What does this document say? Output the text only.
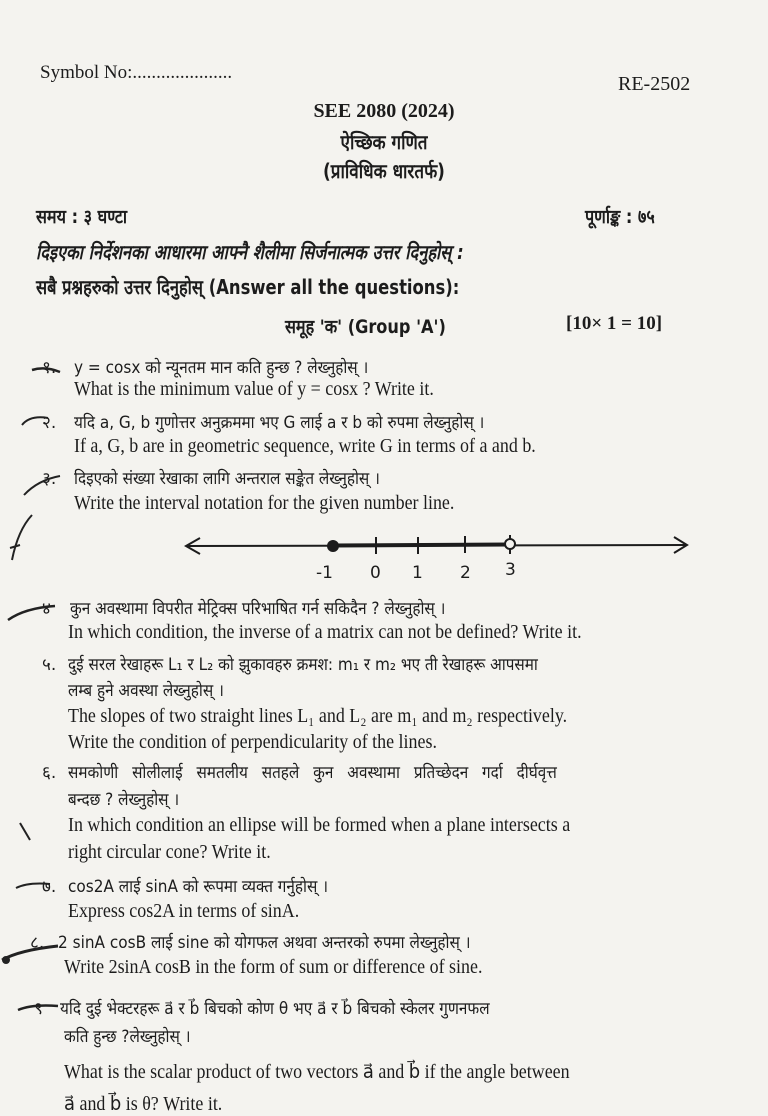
Symbol No:.....................
RE-2502
SEE 2080 (2024)
ऐच्छिक गणित
(प्राविधिक धारतर्फ)
समय : ३ घण्टा	पूर्णाङ्क : ७५
दिइएका निर्देशनका आधारमा आफ्नै शैलीमा सिर्जनात्मक उत्तर दिनुहोस् :
सबै प्रश्नहरुको उत्तर दिनुहोस् (Answer all the questions):
समूह 'क' (Group 'A')	[10× 1 = 10]
१. y = cosx को न्यूनतम मान कति हुन्छ ? लेख्नुहोस् ।
What is the minimum value of y = cosx ? Write it.
२. यदि a, G, b गुणोत्तर अनुक्रममा भए G लाई a र b को रुपमा लेख्नुहोस् ।
If a, G, b are in geometric sequence, write G in terms of a and b.
३. दिइएको संख्या रेखाका लागि अन्तराल सङ्केत लेख्नुहोस् ।
Write the interval notation for the given number line.
-1 0 1 2 3
४ कुन अवस्थामा विपरीत मेट्रिक्स परिभाषित गर्न सकिदैन ? लेख्नुहोस् ।
In which condition, the inverse of a matrix can not be defined? Write it.
५. दुई सरल रेखाहरू L₁ र L₂ को झुकावहरु क्रमश: m₁ र m₂ भए ती रेखाहरू आपसमा
लम्ब हुने अवस्था लेख्नुहोस् ।
The slopes of two straight lines L₁ and L₂ are m₁ and m₂ respectively.
Write the condition of perpendicularity of the lines.
६. समकोणी सोलीलाई समतलीय सतहले कुन अवस्थामा प्रतिच्छेदन गर्दा दीर्घवृत्त
बन्दछ ? लेख्नुहोस् ।
In which condition an ellipse will be formed when a plane intersects a
right circular cone? Write it.
७. cos2A लाई sinA को रूपमा व्यक्त गर्नुहोस् ।
Express cos2A in terms of sinA.
८. 2 sinA cosB लाई sine को योगफल अथवा अन्तरको रुपमा लेख्नुहोस् ।
Write 2sinA cosB in the form of sum or difference of sine.
९ यदि दुई भेक्टरहरू a⃗ र b⃗ बिचको कोण θ भए a⃗ र b⃗ बिचको स्केलर गुणनफल
कति हुन्छ ?लेख्नुहोस् ।
What is the scalar product of two vectors a⃗ and b⃗ if the angle between
a⃗ and b⃗ is θ? Write it.
